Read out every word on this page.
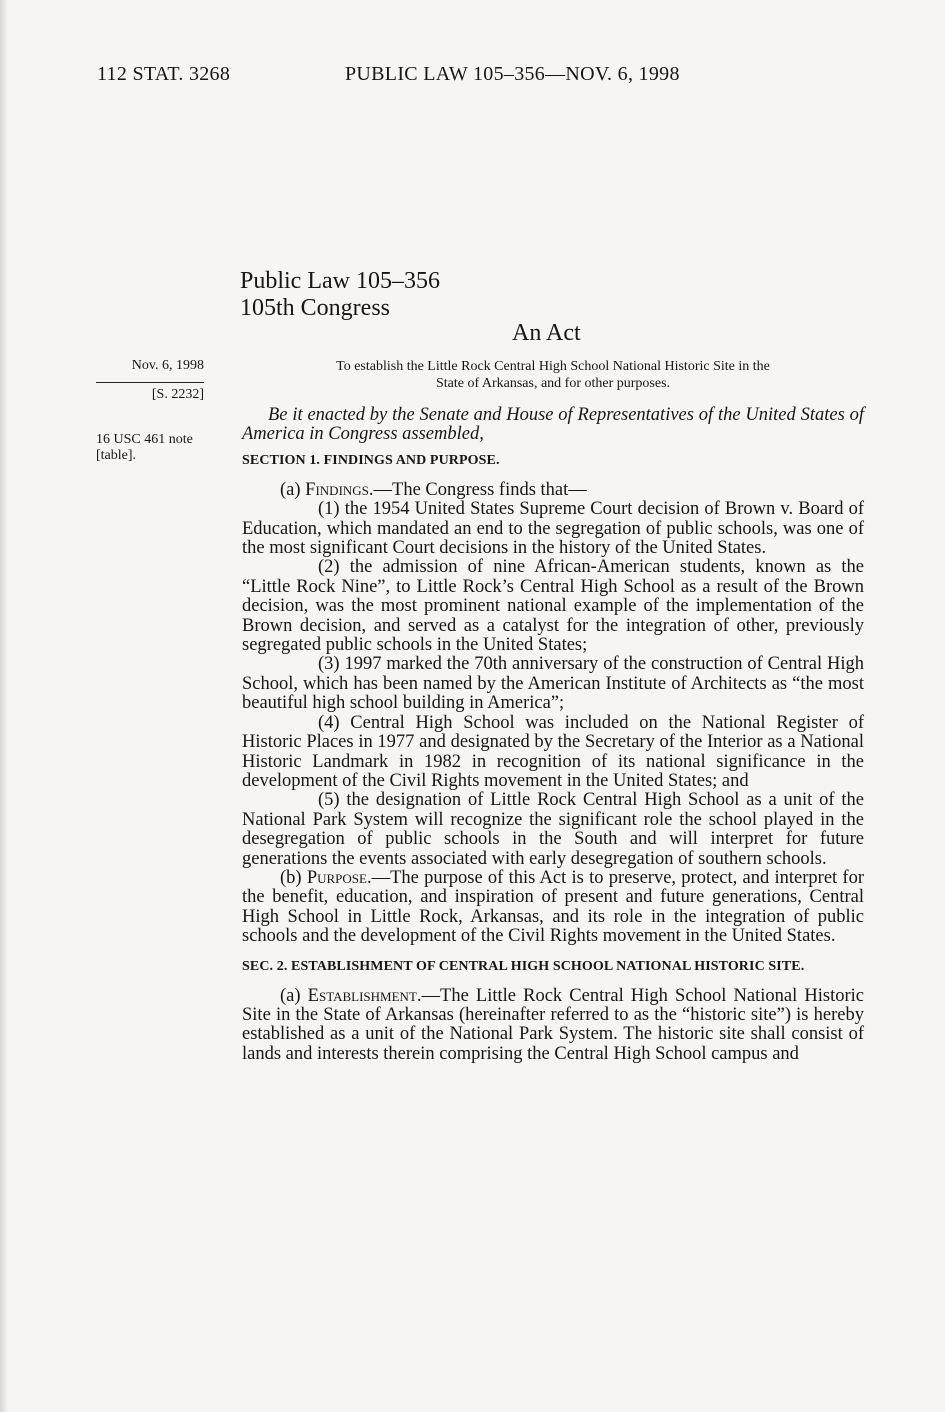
112 STAT. 3268	PUBLIC LAW 105–356—NOV. 6, 1998
Public Law 105–356
105th Congress
An Act
Nov. 6, 1998
[S. 2232]
16 USC 461 note
[table].
To establish the Little Rock Central High School National Historic Site in the
State of Arkansas, and for other purposes.

Be it enacted by the Senate and House of Representatives of the United States of America in Congress assembled,

SECTION 1. FINDINGS AND PURPOSE.

(a) Findings.—The Congress finds that—

(1) the 1954 United States Supreme Court decision of Brown v. Board of Education, which mandated an end to the segregation of public schools, was one of the most significant Court decisions in the history of the United States.

(2) the admission of nine African-American students, known as the “Little Rock Nine”, to Little Rock’s Central High School as a result of the Brown decision, was the most prominent national example of the implementation of the Brown decision, and served as a catalyst for the integration of other, previously segregated public schools in the United States;

(3) 1997 marked the 70th anniversary of the construction of Central High School, which has been named by the American Institute of Architects as “the most beautiful high school building in America”;

(4) Central High School was included on the National Register of Historic Places in 1977 and designated by the Secretary of the Interior as a National Historic Landmark in 1982 in recognition of its national significance in the development of the Civil Rights movement in the United States; and

(5) the designation of Little Rock Central High School as a unit of the National Park System will recognize the significant role the school played in the desegregation of public schools in the South and will interpret for future generations the events associated with early desegregation of southern schools.

(b) Purpose.—The purpose of this Act is to preserve, protect, and interpret for the benefit, education, and inspiration of present and future generations, Central High School in Little Rock, Arkansas, and its role in the integration of public schools and the development of the Civil Rights movement in the United States.

SEC. 2. ESTABLISHMENT OF CENTRAL HIGH SCHOOL NATIONAL HISTORIC SITE.

(a) Establishment.—The Little Rock Central High School National Historic Site in the State of Arkansas (hereinafter referred to as the “historic site”) is hereby established as a unit of the National Park System. The historic site shall consist of lands and interests therein comprising the Central High School campus and
